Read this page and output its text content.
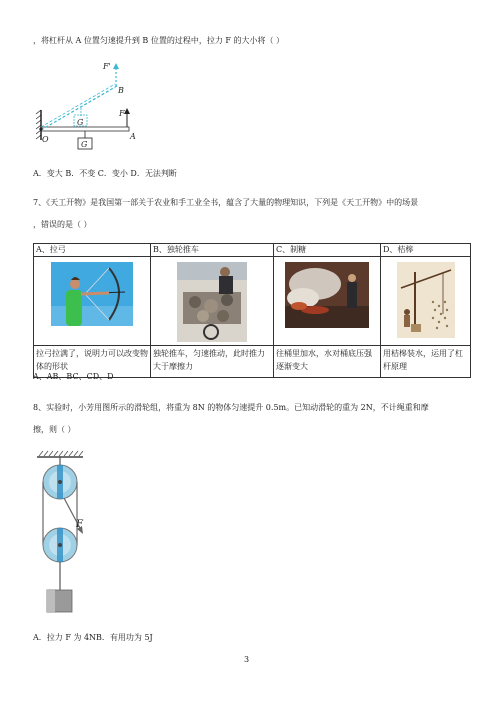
，将杠杆从 A 位置匀速提升到 B 位置的过程中，拉力 F 的大小将（ ）
F'
B
F
A
G
G
O
A．变大 B．不变 C．变小 D．无法判断
7、《天工开物》是我国第一部关于农业和手工业全书，蕴含了大量的物理知识，下列是《天工开物》中的场景
，错误的是（ ）
A、拉弓	B、独轮推车	C、制糖	D、桔槔

拉弓拉满了，说明力可以改变物体的形状	独轮推车，匀速推动，此时推力大于摩擦力	往桶里加水，水对桶底压强逐渐变大	用桔槔装水，运用了杠杆原理
A、AB、BC、CD、D
8、实验时，小芳用图所示的滑轮组，将重为 8N 的物体匀速提升 0.5m。已知动滑轮的重为 2N，不计绳重和摩
擦，则（ ）
F
A．拉力 F 为 4NB．有用功为 5J
3
